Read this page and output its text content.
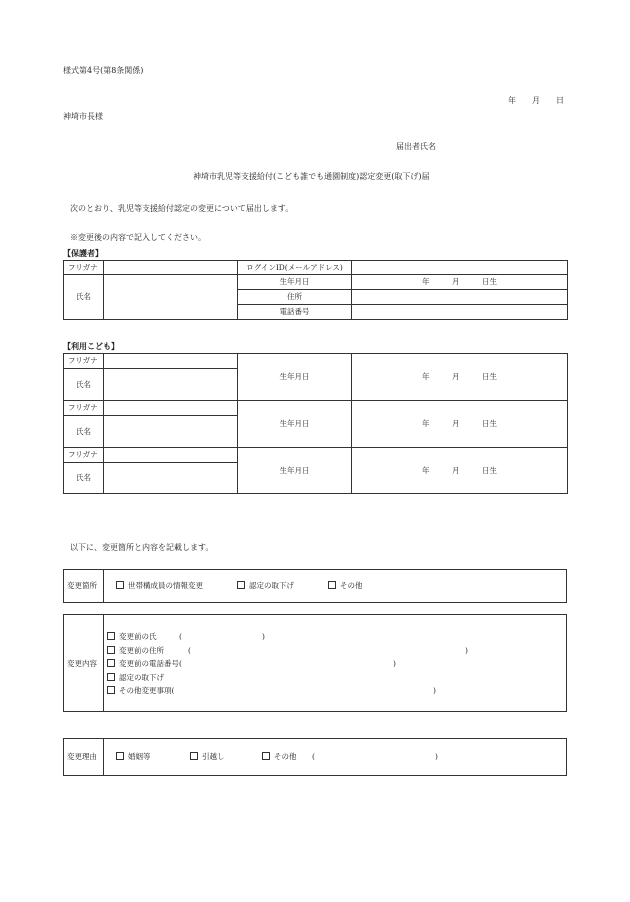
様式第4号(第8条関係)
年　　月　　日
神埼市長様
届出者氏名
神埼市乳児等支援給付(こども誰でも通園制度)認定変更(取下げ)届
次のとおり、乳児等支援給付認定の変更について届出します。
※変更後の内容で記入してください。
【保護者】
フリガナ		ログインID(メールアドレス)	
氏名		生年月日	年　　　月　　　日生
		住所	
		電話番号	
【利用こども】
フリガナ		生年月日	年　　　月　　　日生
氏名			
フリガナ		生年月日	年　　　月　　　日生
氏名			
フリガナ		生年月日	年　　　月　　　日生
氏名			
以下に、変更箇所と内容を記載します。
変更箇所	世帯構成員の情報変更	認定の取下げ	その他
変更内容
変更前の氏	(	)
変更前の住所	(	)
変更前の電話番号(	)
認定の取下げ
その他変更事項(	)
変更理由	婚姻等	引越し	その他 (	)
